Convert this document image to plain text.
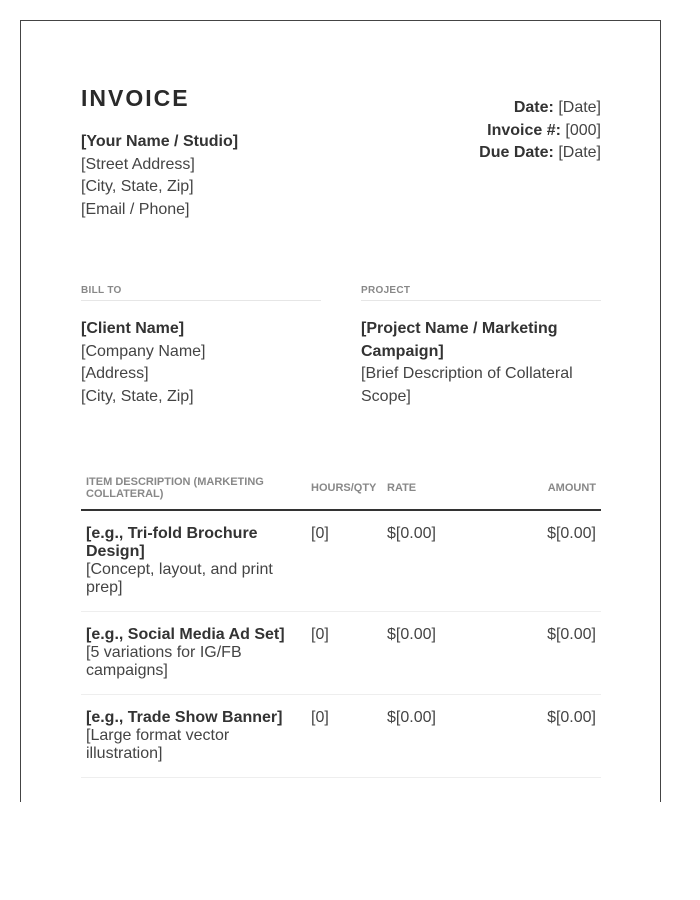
INVOICE
[Your Name / Studio]
[Street Address]
[City, State, Zip]
[Email / Phone]
Date: [Date]
Invoice #: [000]
Due Date: [Date]
BILL TO
[Client Name]
[Company Name]
[Address]
[City, State, Zip]
PROJECT
[Project Name / Marketing Campaign]
[Brief Description of Collateral Scope]
ITEM DESCRIPTION (MARKETING COLLATERAL)	HOURS/QTY	RATE	AMOUNT

[e.g., Tri-fold Brochure Design]
[Concept, layout, and print prep]	[0]	$[0.00]	$[0.00]

[e.g., Social Media Ad Set]
[5 variations for IG/FB campaigns]	[0]	$[0.00]	$[0.00]

[e.g., Trade Show Banner]
[Large format vector illustration]	[0]	$[0.00]	$[0.00]
